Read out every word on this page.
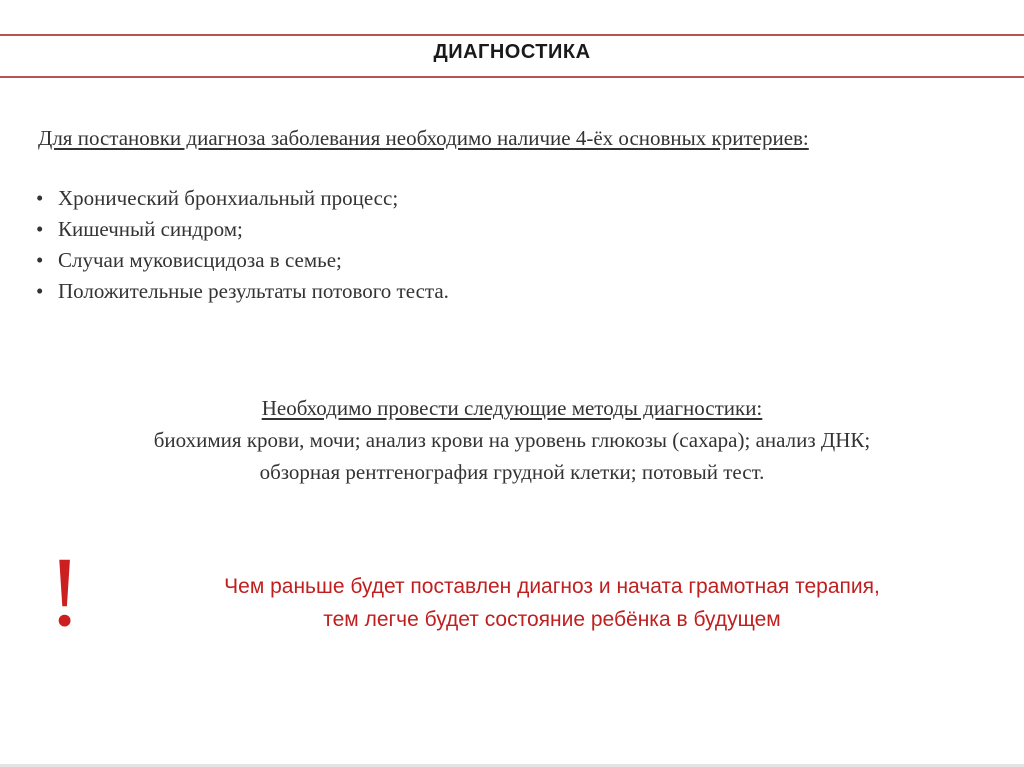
ДИАГНОСТИКА
Для постановки диагноза заболевания необходимо наличие 4-ёх основных критериев:
• Хронический бронхиальный процесс;
• Кишечный синдром;
• Случаи муковисцидоза в семье;
• Положительные результаты потового теста.
Необходимо провести следующие методы диагностики:
биохимия крови, мочи; анализ крови на уровень глюкозы (сахара); анализ ДНК;
обзорная рентгенография грудной клетки; потовый тест.
!	Чем раньше будет поставлен диагноз и начата грамотная терапия,
тем легче будет состояние ребёнка в будущем
